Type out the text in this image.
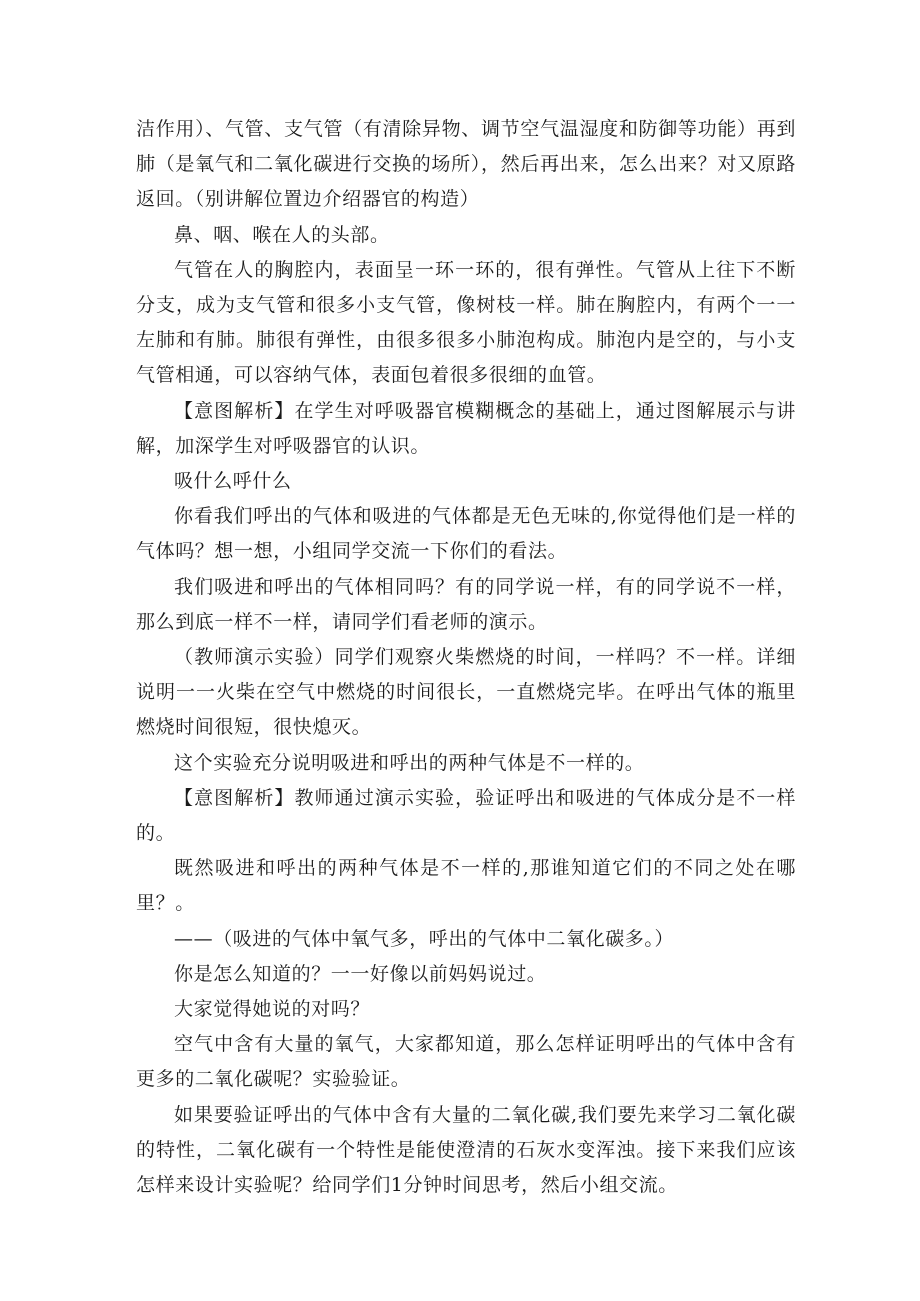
洁作用）、气管、支气管（有清除异物、调节空气温湿度和防御等功能）再到肺（是氧气和二氧化碳进行交换的场所），然后再出来，怎么出来？对又原路返回。（别讲解位置边介绍器官的构造）

鼻、咽、喉在人的头部。

气管在人的胸腔内，表面呈一环一环的，很有弹性。气管从上往下不断分支，成为支气管和很多小支气管，像树枝一样。肺在胸腔内，有两个一一左肺和有肺。肺很有弹性，由很多很多小肺泡构成。肺泡内是空的，与小支气管相通，可以容纳气体，表面包着很多很细的血管。

【意图解析】在学生对呼吸器官模糊概念的基础上，通过图解展示与讲解，加深学生对呼吸器官的认识。

吸什么呼什么

你看我们呼出的气体和吸进的气体都是无色无味的,你觉得他们是一样的气体吗？想一想，小组同学交流一下你们的看法。

我们吸进和呼出的气体相同吗？有的同学说一样，有的同学说不一样，那么到底一样不一样，请同学们看老师的演示。

（教师演示实验）同学们观察火柴燃烧的时间，一样吗？不一样。详细说明一一火柴在空气中燃烧的时间很长，一直燃烧完毕。在呼出气体的瓶里燃烧时间很短，很快熄灭。

这个实验充分说明吸进和呼出的两种气体是不一样的。

【意图解析】教师通过演示实验，验证呼出和吸进的气体成分是不一样的。

既然吸进和呼出的两种气体是不一样的,那谁知道它们的不同之处在哪里？。

——（吸进的气体中氧气多，呼出的气体中二氧化碳多。）

你是怎么知道的？一一好像以前妈妈说过。

大家觉得她说的对吗？

空气中含有大量的氧气，大家都知道，那么怎样证明呼出的气体中含有更多的二氧化碳呢？实验验证。

如果要验证呼出的气体中含有大量的二氧化碳,我们要先来学习二氧化碳的特性，二氧化碳有一个特性是能使澄清的石灰水变浑浊。接下来我们应该怎样来设计实验呢？给同学们1分钟时间思考，然后小组交流。
